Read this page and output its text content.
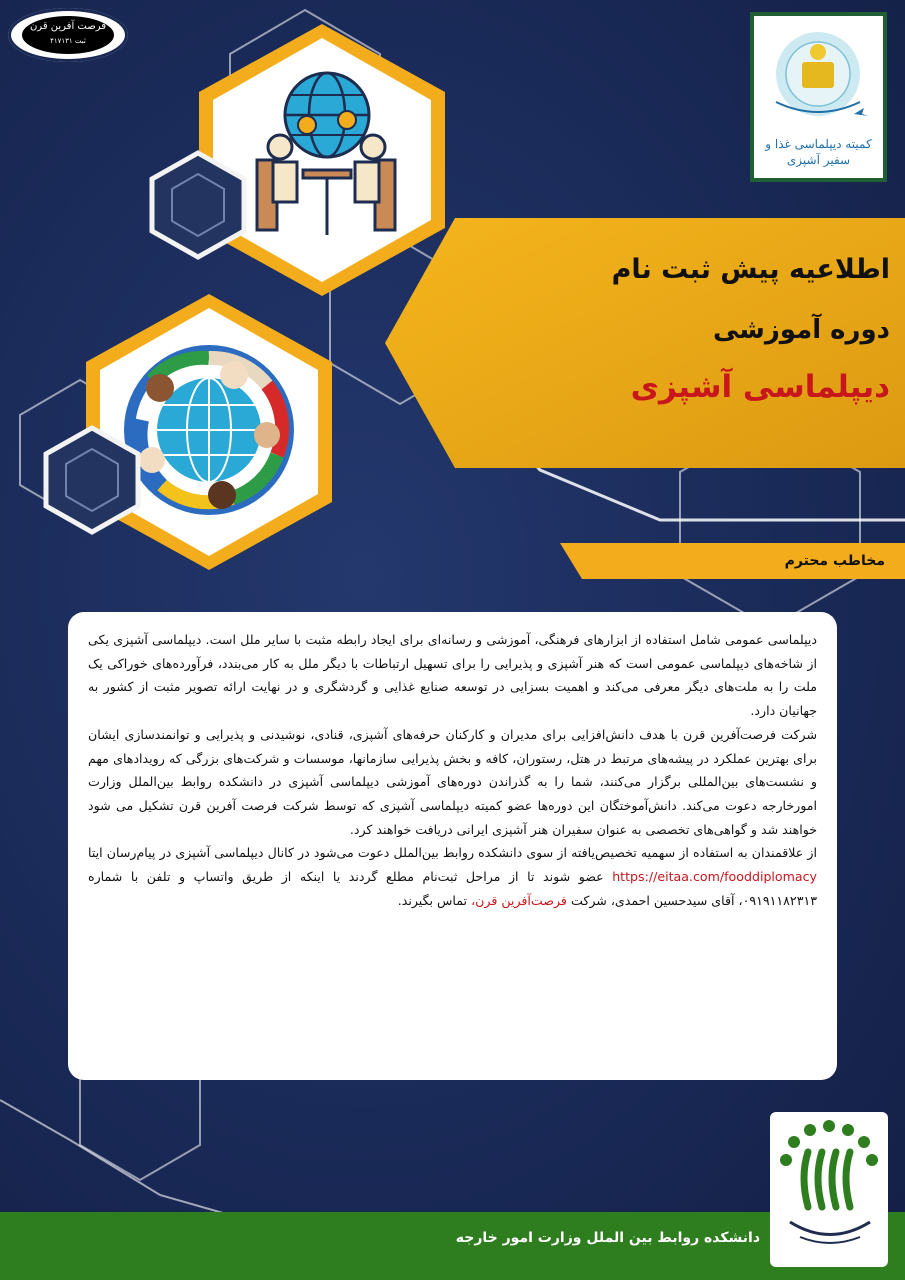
فرصت آفرین قرن
ثبت ۴۱۷۱۳۱
کمیته دیپلماسی غذا و سفیر آشپزی
اطلاعیه پیش ثبت نام
دوره آموزشی
دیپلماسی آشپزی
مخاطب محترم

دیپلماسی عمومی شامل استفاده از ابزارهای فرهنگی، آموزشی و رسانه‌ای برای ایجاد رابطه مثبت با سایر ملل است. دیپلماسی آشپزی یکی از شاخه‌های دیپلماسی عمومی است که هنر آشپزی و پذیرایی را برای تسهیل ارتباطات با دیگر ملل به کار می‌بندد، فرآورده‌های خوراکی یک ملت را به ملت‌های دیگر معرفی می‌کند و اهمیت بسزایی در توسعه صنایع غذایی و گردشگری و در نهایت ارائه تصویر مثبت از کشور به جهانیان دارد.

شرکت فرصت‌آفرین قرن با هدف دانش‌افزایی برای مدیران و کارکنان حرفه‌های آشپزی، قنادی، نوشیدنی و پذیرایی و توانمندسازی ایشان برای بهترین عملکرد در پیشه‌های مرتبط در هتل، رستوران، کافه و بخش پذیرایی سازمانها، موسسات و شرکت‌های بزرگی که رویدادهای مهم و نشست‌های بین‌المللی برگزار می‌کنند، شما را به گذراندن دوره‌های آموزشی دیپلماسی آشپزی در دانشکده روابط بین‌الملل وزارت امورخارجه دعوت می‌کند. دانش‌آموختگان این دوره‌ها عضو کمیته دیپلماسی آشپزی که توسط شرکت فرصت آفرین قرن تشکیل می شود خواهند شد و گواهی‌های تخصصی به عنوان سفیران هنر آشپزی ایرانی دریافت خواهند کرد.

از علاقمندان به استفاده از سهمیه تخصیص‌یافته از سوی دانشکده روابط بین‌الملل دعوت می‌شود در کانال دیپلماسی آشپزی در پیام‌رسان ایتا https://eitaa.com/fooddiplomacy عضو شوند تا از مراحل ثبت‌نام مطلع گردند یا اینکه از طریق واتساپ و تلفن با شماره ۰۹۱۹۱۱۸۲۳۱۳، آقای سیدحسین احمدی، شرکت فرصت‌آفرین قرن، تماس بگیرند.

دانشکده روابط بین الملل وزارت امور خارجه
